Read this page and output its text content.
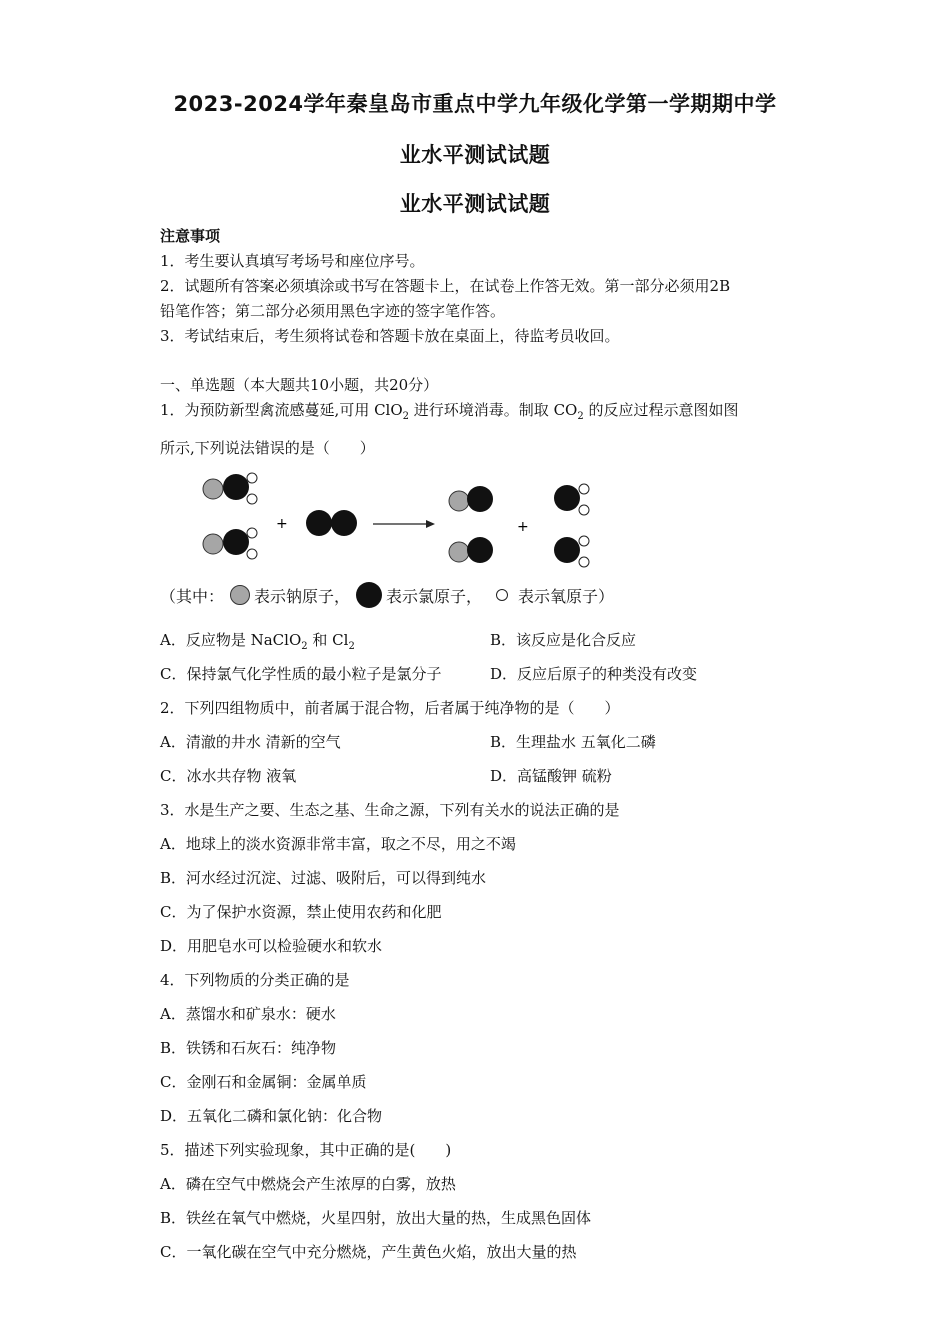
2023-2024学年秦皇岛市重点中学九年级化学第一学期期中学
业水平测试试题
业水平测试试题
注意事项
1．考生要认真填写考场号和座位序号。
2．试题所有答案必须填涂或书写在答题卡上，在试卷上作答无效。第一部分必须用2B
铅笔作答；第二部分必须用黑色字迹的签字笔作答。
3．考试结束后，考生须将试卷和答题卡放在桌面上，待监考员收回。
一、单选题（本大题共10小题，共20分）
1．为预防新型禽流感蔓延,可用 ClO$_2$ 进行环境消毒。制取 $CO_2$ 的反应过程示意图如图
所示,下列说法错误的是（　　）
+	+
（其中： 表示钠原子， 表示氯原子， 表示氧原子）
A．反应物是 NaClO$_2$ 和 $Cl_2$	B．该反应是化合反应
C．保持氯气化学性质的最小粒子是氯分子	D．反应后原子的种类没有改变
2．下列四组物质中，前者属于混合物，后者属于纯净物的是（　　）
A．清澈的井水 清新的空气	B．生理盐水 五氧化二磷
C．冰水共存物 液氧	D．高锰酸钾 硫粉
3．水是生产之要、生态之基、生命之源，下列有关水的说法正确的是
A．地球上的淡水资源非常丰富，取之不尽，用之不竭
B．河水经过沉淀、过滤、吸附后，可以得到纯水
C．为了保护水资源，禁止使用农药和化肥
D．用肥皂水可以检验硬水和软水
4．下列物质的分类正确的是
A．蒸馏水和矿泉水：硬水
B．铁锈和石灰石：纯净物
C．金刚石和金属铜：金属单质
D．五氧化二磷和氯化钠：化合物
5．描述下列实验现象，其中正确的是(　　)
A．磷在空气中燃烧会产生浓厚的白雾，放热
B．铁丝在氧气中燃烧，火星四射，放出大量的热，生成黑色固体
C．一氧化碳在空气中充分燃烧，产生黄色火焰，放出大量的热
